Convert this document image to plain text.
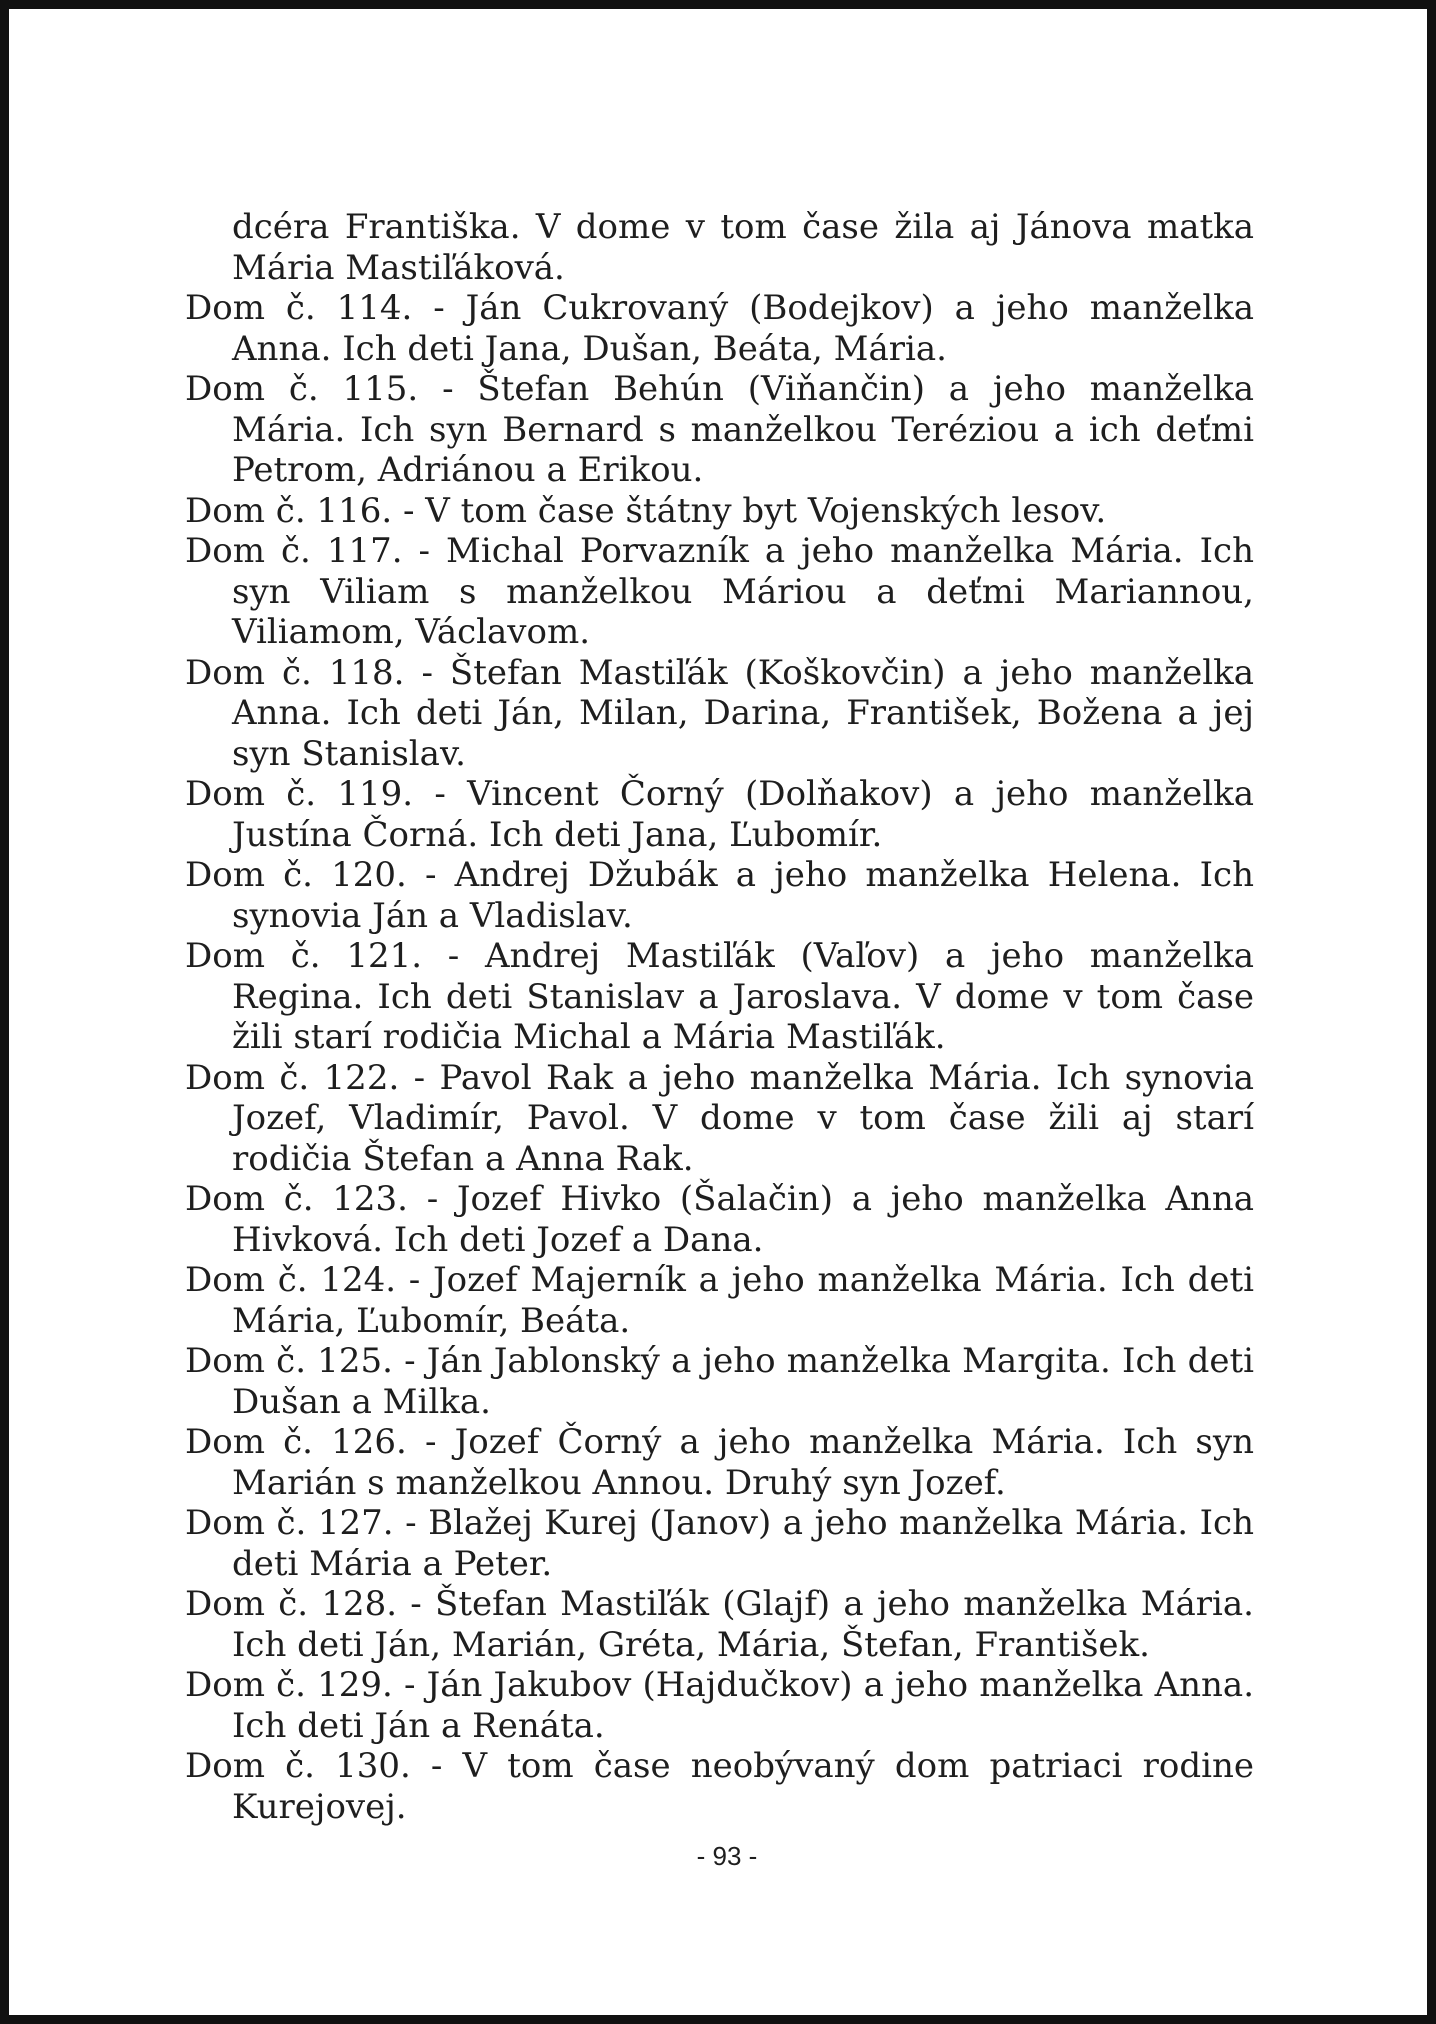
dcéra Františka. V dome v tom čase žila aj Jánova matka Mária Mastiľáková.

Dom č. 114. - Ján Cukrovaný (Bodejkov) a jeho manželka Anna. Ich deti Jana, Dušan, Beáta, Mária.

Dom č. 115. - Štefan Behún (Viňančin) a jeho manželka Mária. Ich syn Bernard s manželkou Teréziou a ich deťmi Petrom, Adriánou a Erikou.

Dom č. 116. - V tom čase štátny byt Vojenských lesov.

Dom č. 117. - Michal Porvazník a jeho manželka Mária. Ich syn Viliam s manželkou Máriou a deťmi Mariannou, Viliamom, Václavom.

Dom č. 118. - Štefan Mastiľák (Koškovčin) a jeho manželka Anna. Ich deti Ján, Milan, Darina, František, Božena a jej syn Stanislav.

Dom č. 119. - Vincent Čorný (Dolňakov) a jeho manželka Justína Čorná. Ich deti Jana, Ľubomír.

Dom č. 120. - Andrej Džubák a jeho manželka Helena. Ich synovia Ján a Vladislav.

Dom č. 121. - Andrej Mastiľák (Vaľov) a jeho manželka Regina. Ich deti Stanislav a Jaroslava. V dome v tom čase žili starí rodičia Michal a Mária Mastiľák.

Dom č. 122. - Pavol Rak a jeho manželka Mária. Ich synovia Jozef, Vladimír, Pavol. V dome v tom čase žili aj starí rodičia Štefan a Anna Rak.

Dom č. 123. - Jozef Hivko (Šalačin) a jeho manželka Anna Hivková. Ich deti Jozef a Dana.

Dom č. 124. - Jozef Majerník a jeho manželka Mária. Ich deti Mária, Ľubomír, Beáta.

Dom č. 125. - Ján Jablonský a jeho manželka Margita. Ich deti Dušan a Milka.

Dom č. 126. - Jozef Čorný a jeho manželka Mária. Ich syn Marián s manželkou Annou. Druhý syn Jozef.

Dom č. 127. - Blažej Kurej (Janov) a jeho manželka Mária. Ich deti Mária a Peter.

Dom č. 128. - Štefan Mastiľák (Glajf) a jeho manželka Mária. Ich deti Ján, Marián, Gréta, Mária, Štefan, František.

Dom č. 129. - Ján Jakubov (Hajdučkov) a jeho manželka Anna. Ich deti Ján a Renáta.

Dom č. 130. - V tom čase neobývaný dom patriaci rodine Kurejovej.

- 93 -
